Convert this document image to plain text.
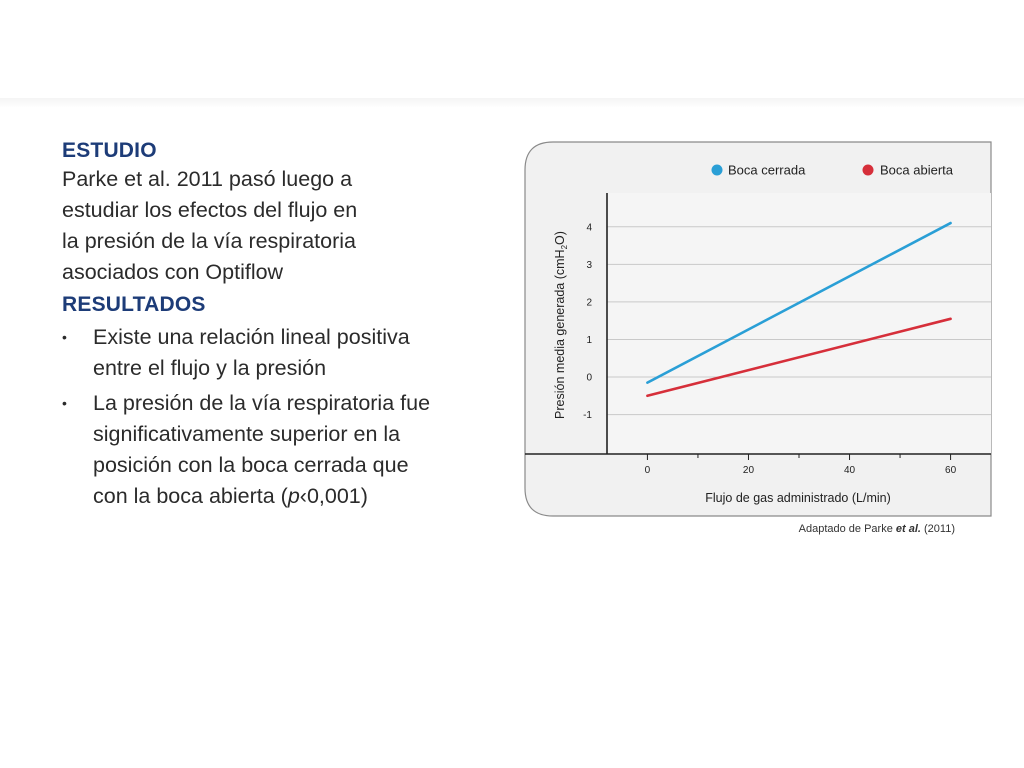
ESTUDIO

Parke et al. 2011 pasó luego a
estudiar los efectos del flujo en
la presión de la vía respiratoria
asociados con Optiflow

RESULTADOS
• Existe una relación lineal positiva
entre el flujo y la presión
• La presión de la vía respiratoria fue
significativamente superior en la
posición con la boca cerrada que
con la boca abierta (p‹0,001)
0	20	40	60
-1
0
1
2
3
4
Boca cerrada	Boca abierta
Flujo de gas administrado (L/min)
Presión media generada (cmH$_2$O)
Adaptado de Parke et al. (2011)
